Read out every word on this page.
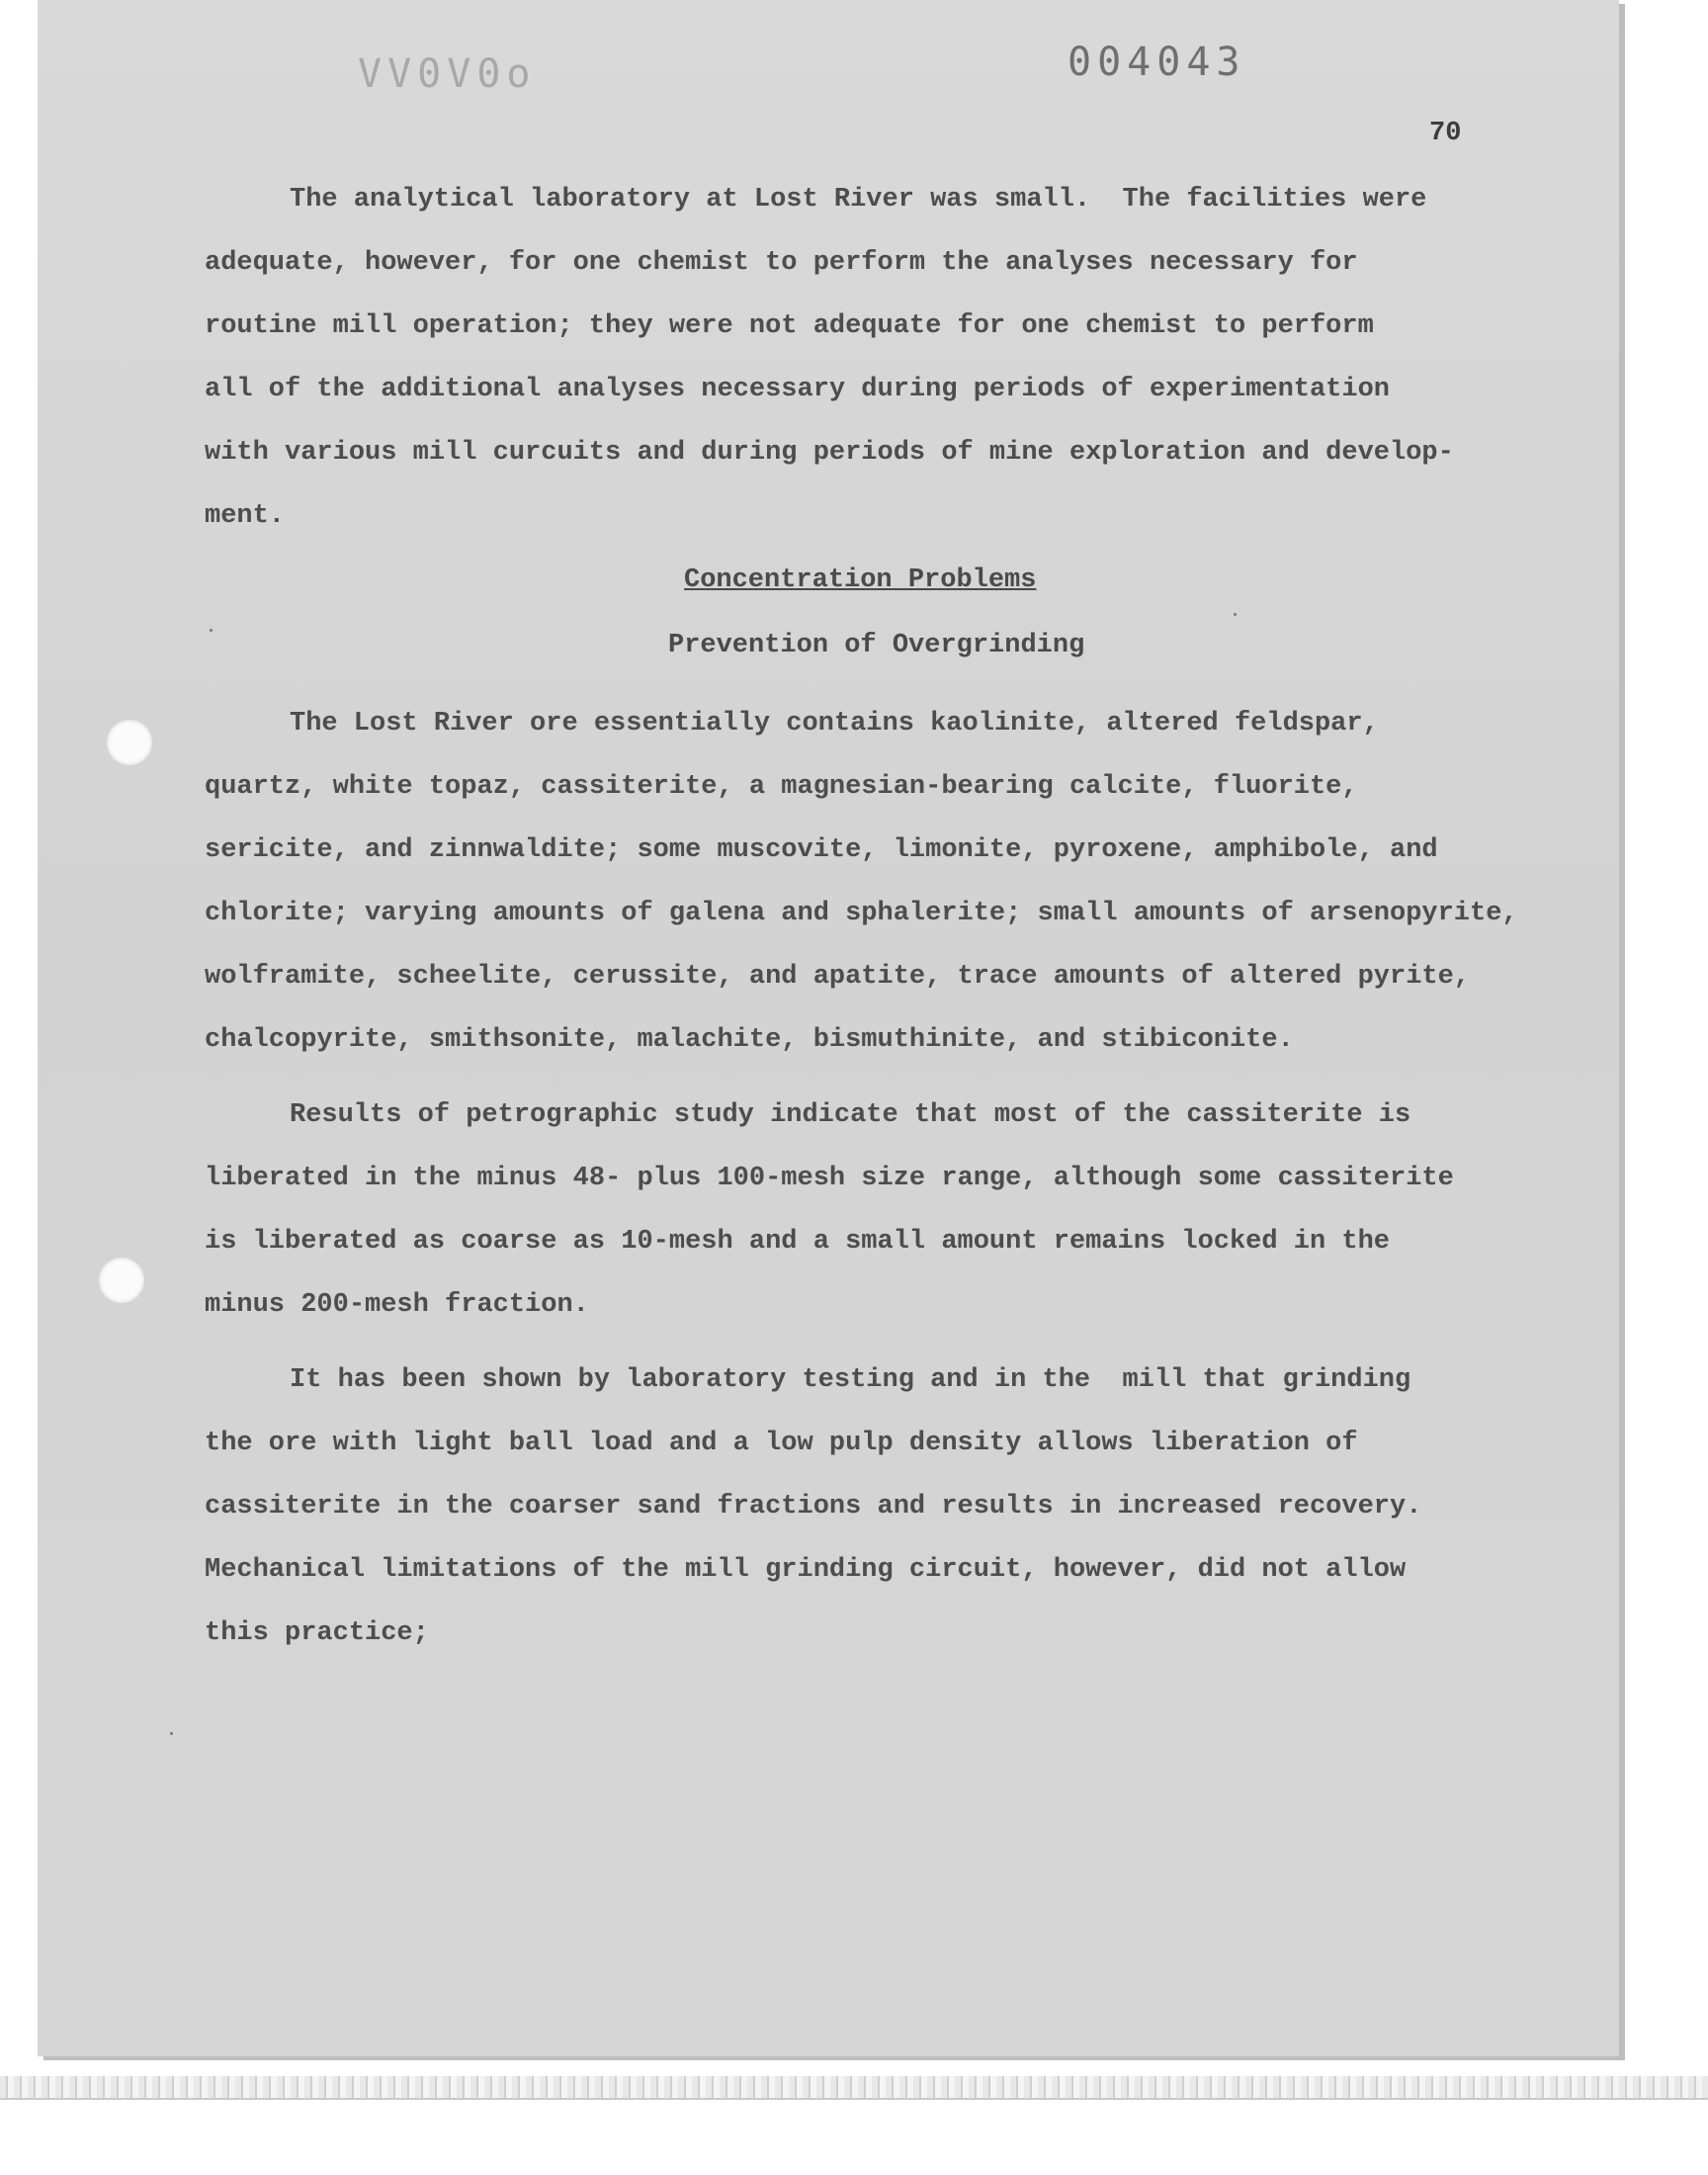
VV0V0o	004043
70

The analytical laboratory at Lost River was small.  The facilities were

adequate, however, for one chemist to perform the analyses necessary for

routine mill operation; they were not adequate for one chemist to perform

all of the additional analyses necessary during periods of experimentation

with various mill curcuits and during periods of mine exploration and develop-

ment.

Concentration Problems
Prevention of Overgrinding

The Lost River ore essentially contains kaolinite, altered feldspar,

quartz, white topaz, cassiterite, a magnesian-bearing calcite, fluorite,

sericite, and zinnwaldite; some muscovite, limonite, pyroxene, amphibole, and

chlorite; varying amounts of galena and sphalerite; small amounts of arsenopyrite,

wolframite, scheelite, cerussite, and apatite, trace amounts of altered pyrite,

chalcopyrite, smithsonite, malachite, bismuthinite, and stibiconite.

Results of petrographic study indicate that most of the cassiterite is

liberated in the minus 48- plus 100-mesh size range, although some cassiterite

is liberated as coarse as 10-mesh and a small amount remains locked in the

minus 200-mesh fraction.

It has been shown by laboratory testing and in the  mill that grinding

the ore with light ball load and a low pulp density allows liberation of

cassiterite in the coarser sand fractions and results in increased recovery.

Mechanical limitations of the mill grinding circuit, however, did not allow

this practice;
